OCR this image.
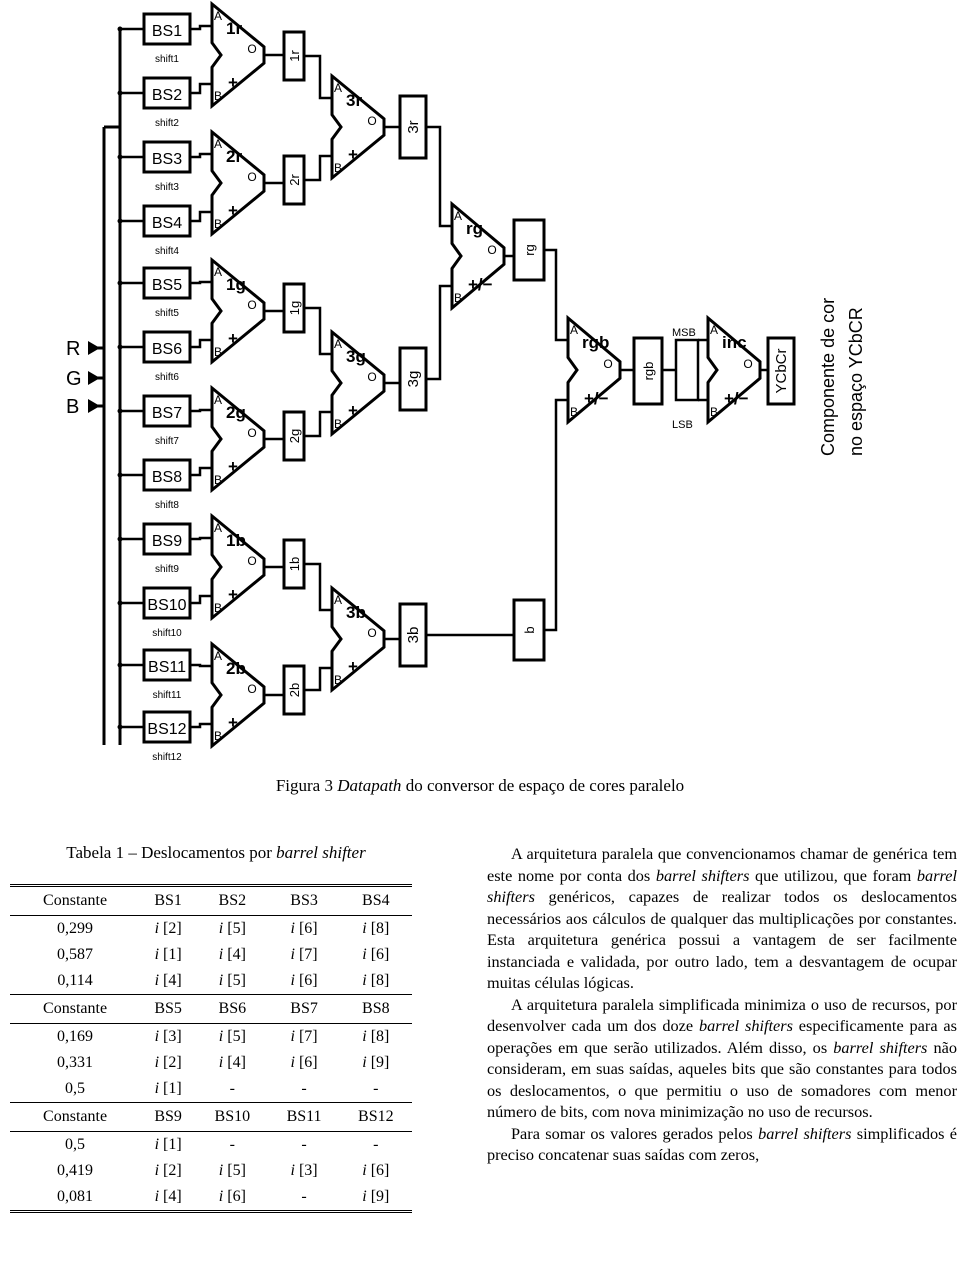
R
G
B
BS1
shift1
BS2
shift2
BS3
shift3
BS4
shift4
BS5
shift5
BS6
shift6
BS7
shift7
BS8
shift8
BS9
shift9
BS10
shift10
BS11
shift11
BS12
shift12
A
B
O
1r
+
1r
A
B
O
2r
+
2r
A
B
O
1g
+
1g
A
B
O
2g
+
2g
A
B
O
1b
+
1b
A
B
O
2b
+
2b
A
B
O
3r
+
3r
A
B
O
3g
+
3g
A
B
O
3b
+
3b
A
B
O
rg
+/−
rg
b
A
B
O
rgb
+/−
rgb
MSB
LSB
A
B
O
inc
+/−
YCbCr Componente de cor no espaço YCbCR
Figura 3 Datapath do conversor de espaço de cores paralelo
Tabela 1 – Deslocamentos por barrel shifter
Constante	BS1	BS2	BS3	BS4
0,299	i [2]	i [5]	i [6]	i [8]
0,587	i [1]	i [4]	i [7]	i [6]
0,114	i [4]	i [5]	i [6]	i [8]
Constante	BS5	BS6	BS7	BS8
0,169	i [3]	i [5]	i [7]	i [8]
0,331	i [2]	i [4]	i [6]	i [9]
0,5	i [1]	-	-	-
Constante	BS9	BS10	BS11	BS12
0,5	i [1]	-	-	-
0,419	i [2]	i [5]	i [3]	i [6]
0,081	i [4]	i [6]	-	i [9]

A arquitetura paralela que convencionamos chamar de genérica tem este nome por conta dos barrel shifters que utilizou, que foram barrel shifters genéricos, capazes de realizar todos os deslocamentos necessários aos cálculos de qualquer das multiplicações por constantes. Esta arquitetura genérica possui a vantagem de ser facilmente instanciada e validada, por outro lado, tem a desvantagem de ocupar muitas células lógicas.

A arquitetura paralela simplificada minimiza o uso de recursos, por desenvolver cada um dos doze barrel shifters especificamente para as operações em que serão utilizados. Além disso, os barrel shifters não consideram, em suas saídas, aqueles bits que são constantes para todos os deslocamentos, o que permitiu o uso de somadores com menor número de bits, com nova minimização no uso de recursos.

Para somar os valores gerados pelos barrel shifters simplificados é preciso concatenar suas saídas com zeros,
